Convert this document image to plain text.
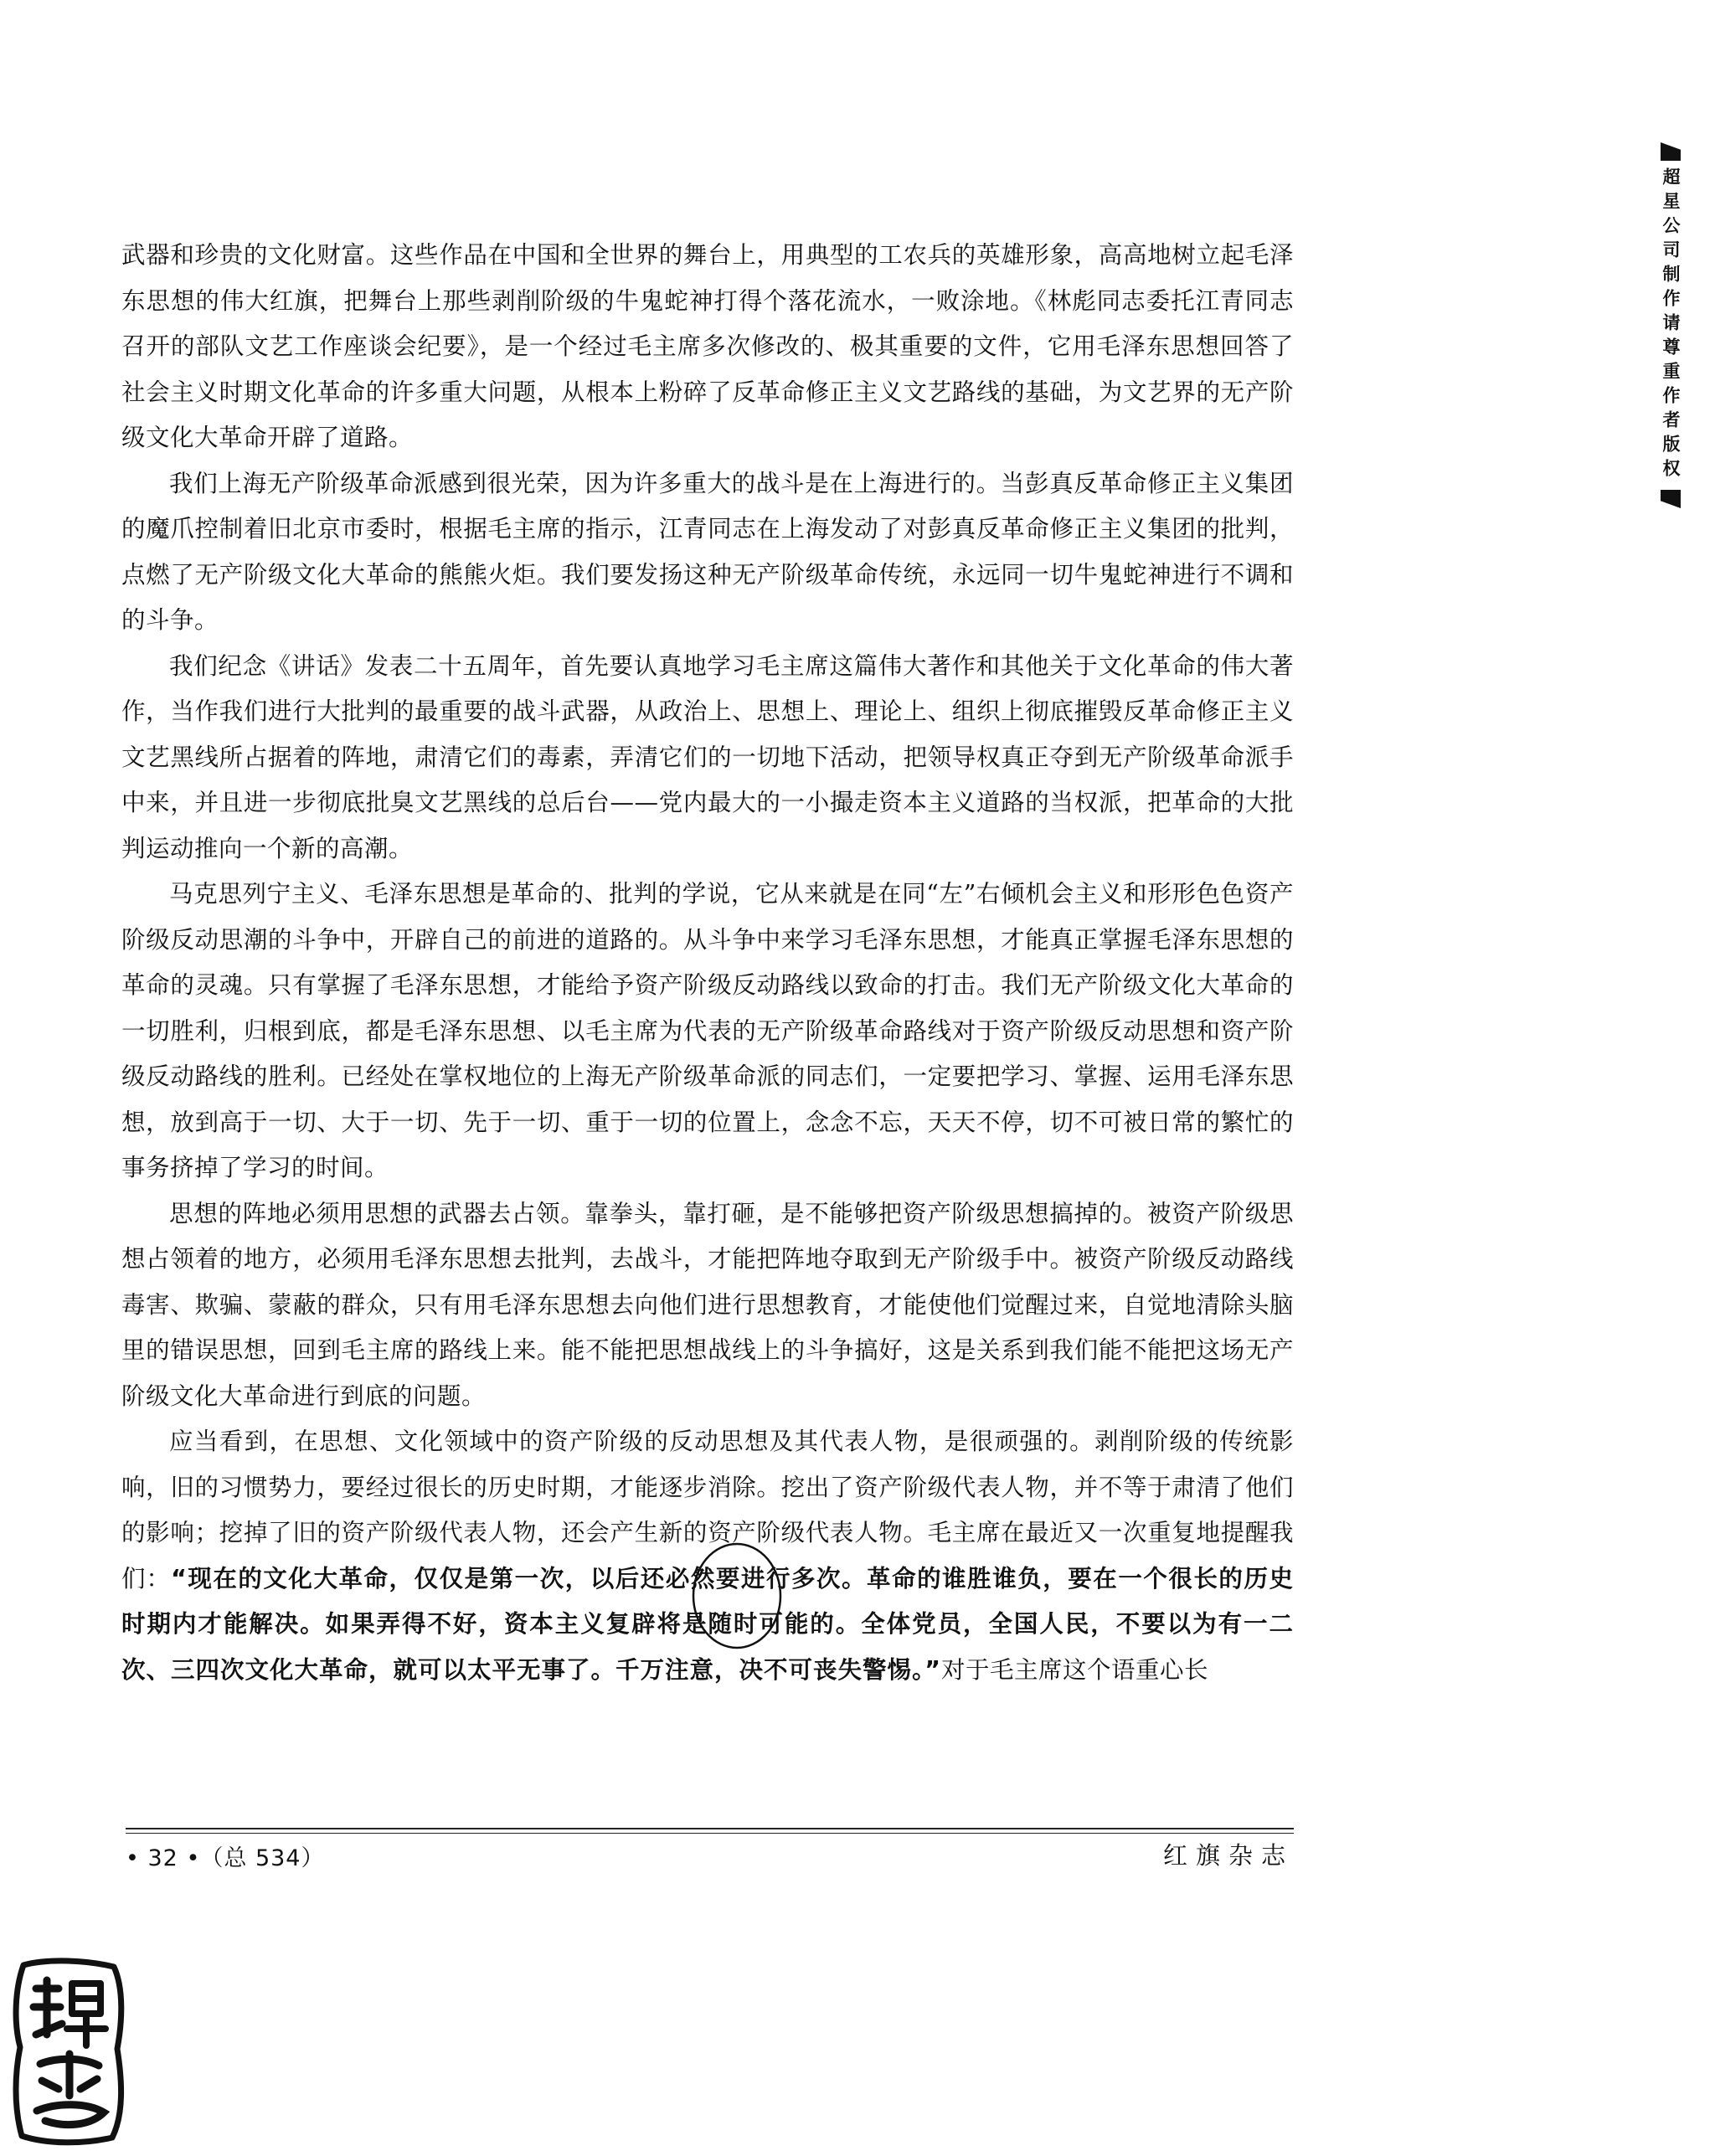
武器和珍贵的文化财富。这些作品在中国和全世界的舞台上，用典型的工农兵的英雄形象，高高地树立起毛泽东思想的伟大红旗，把舞台上那些剥削阶级的牛鬼蛇神打得个落花流水，一败涂地。《林彪同志委托江青同志召开的部队文艺工作座谈会纪要》，是一个经过毛主席多次修改的、极其重要的文件，它用毛泽东思想回答了社会主义时期文化革命的许多重大问题，从根本上粉碎了反革命修正主义文艺路线的基础，为文艺界的无产阶级文化大革命开辟了道路。

我们上海无产阶级革命派感到很光荣，因为许多重大的战斗是在上海进行的。当彭真反革命修正主义集团的魔爪控制着旧北京市委时，根据毛主席的指示，江青同志在上海发动了对彭真反革命修正主义集团的批判，点燃了无产阶级文化大革命的熊熊火炬。我们要发扬这种无产阶级革命传统，永远同一切牛鬼蛇神进行不调和的斗争。

我们纪念《讲话》发表二十五周年，首先要认真地学习毛主席这篇伟大著作和其他关于文化革命的伟大著作，当作我们进行大批判的最重要的战斗武器，从政治上、思想上、理论上、组织上彻底摧毁反革命修正主义文艺黑线所占据着的阵地，肃清它们的毒素，弄清它们的一切地下活动，把领导权真正夺到无产阶级革命派手中来，并且进一步彻底批臭文艺黑线的总后台——党内最大的一小撮走资本主义道路的当权派，把革命的大批判运动推向一个新的高潮。

马克思列宁主义、毛泽东思想是革命的、批判的学说，它从来就是在同“左”右倾机会主义和形形色色资产阶级反动思潮的斗争中，开辟自己的前进的道路的。从斗争中来学习毛泽东思想，才能真正掌握毛泽东思想的革命的灵魂。只有掌握了毛泽东思想，才能给予资产阶级反动路线以致命的打击。我们无产阶级文化大革命的一切胜利，归根到底，都是毛泽东思想、以毛主席为代表的无产阶级革命路线对于资产阶级反动思想和资产阶级反动路线的胜利。已经处在掌权地位的上海无产阶级革命派的同志们，一定要把学习、掌握、运用毛泽东思想，放到高于一切、大于一切、先于一切、重于一切的位置上，念念不忘，天天不停，切不可被日常的繁忙的事务挤掉了学习的时间。

思想的阵地必须用思想的武器去占领。靠拳头，靠打砸，是不能够把资产阶级思想搞掉的。被资产阶级思想占领着的地方，必须用毛泽东思想去批判，去战斗，才能把阵地夺取到无产阶级手中。被资产阶级反动路线毒害、欺骗、蒙蔽的群众，只有用毛泽东思想去向他们进行思想教育，才能使他们觉醒过来，自觉地清除头脑里的错误思想，回到毛主席的路线上来。能不能把思想战线上的斗争搞好，这是关系到我们能不能把这场无产阶级文化大革命进行到底的问题。

应当看到，在思想、文化领域中的资产阶级的反动思想及其代表人物，是很顽强的。剥削阶级的传统影响，旧的习惯势力，要经过很长的历史时期，才能逐步消除。挖出了资产阶级代表人物，并不等于肃清了他们的影响；挖掉了旧的资产阶级代表人物，还会产生新的资产阶级代表人物。毛主席在最近又一次重复地提醒我们：“现在的文化大革命，仅仅是第一次，以后还必然要进行多次。革命的谁胜谁负，要在一个很长的历史时期内才能解决。如果弄得不好，资本主义复辟将是随时可能的。全体党员，全国人民，不要以为有一二次、三四次文化大革命，就可以太平无事了。千万注意，决不可丧失警惕。”对于毛主席这个语重心长

• 32 •（总 534）	红旗杂志
超星公司制作请尊重作者版权
